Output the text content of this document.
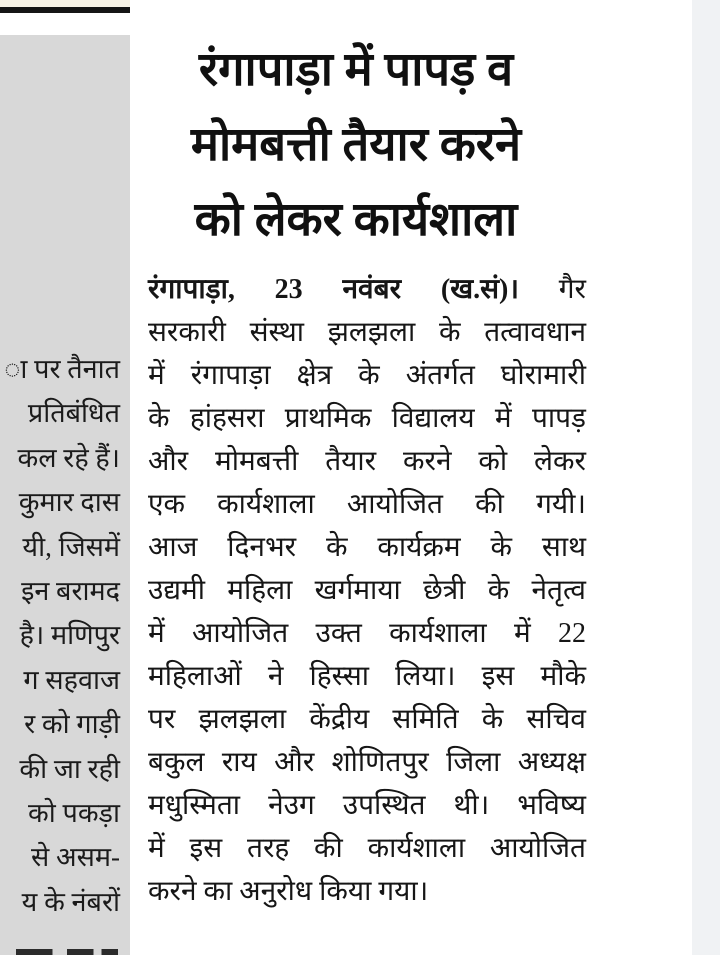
ा पर तैनात
प्रतिबंधित
कल रहे हैं।
कुमार दास
यी, जिसमें
इन बरामद
है। मणिपुर
ग सहवाज
र को गाड़ी
की जा रही
को पकड़ा
से असम-
य के नंबरों
रंगापाड़ा में पापड़ व
मोमबत्ती तैयार करने
को लेकर कार्यशाला
रंगापाड़ा, 23 नवंबर (ख.सं)। गैर
सरकारी संस्था झलझला के तत्वावधान
में रंगापाड़ा क्षेत्र के अंतर्गत घोरामारी
के हांहसरा प्राथमिक विद्यालय में पापड़
और मोमबत्ती तैयार करने को लेकर
एक कार्यशाला आयोजित की गयी।
आज दिनभर के कार्यक्रम के साथ
उद्यमी महिला खर्गमाया छेत्री के नेतृत्व
में आयोजित उक्त कार्यशाला में 22
महिलाओं ने हिस्सा लिया। इस मौके
पर झलझला केंद्रीय समिति के सचिव
बकुल राय और शोणितपुर जिला अध्यक्ष
मधुस्मिता नेउग उपस्थित थी। भविष्य
में इस तरह की कार्यशाला आयोजित
करने का अनुरोध किया गया।
